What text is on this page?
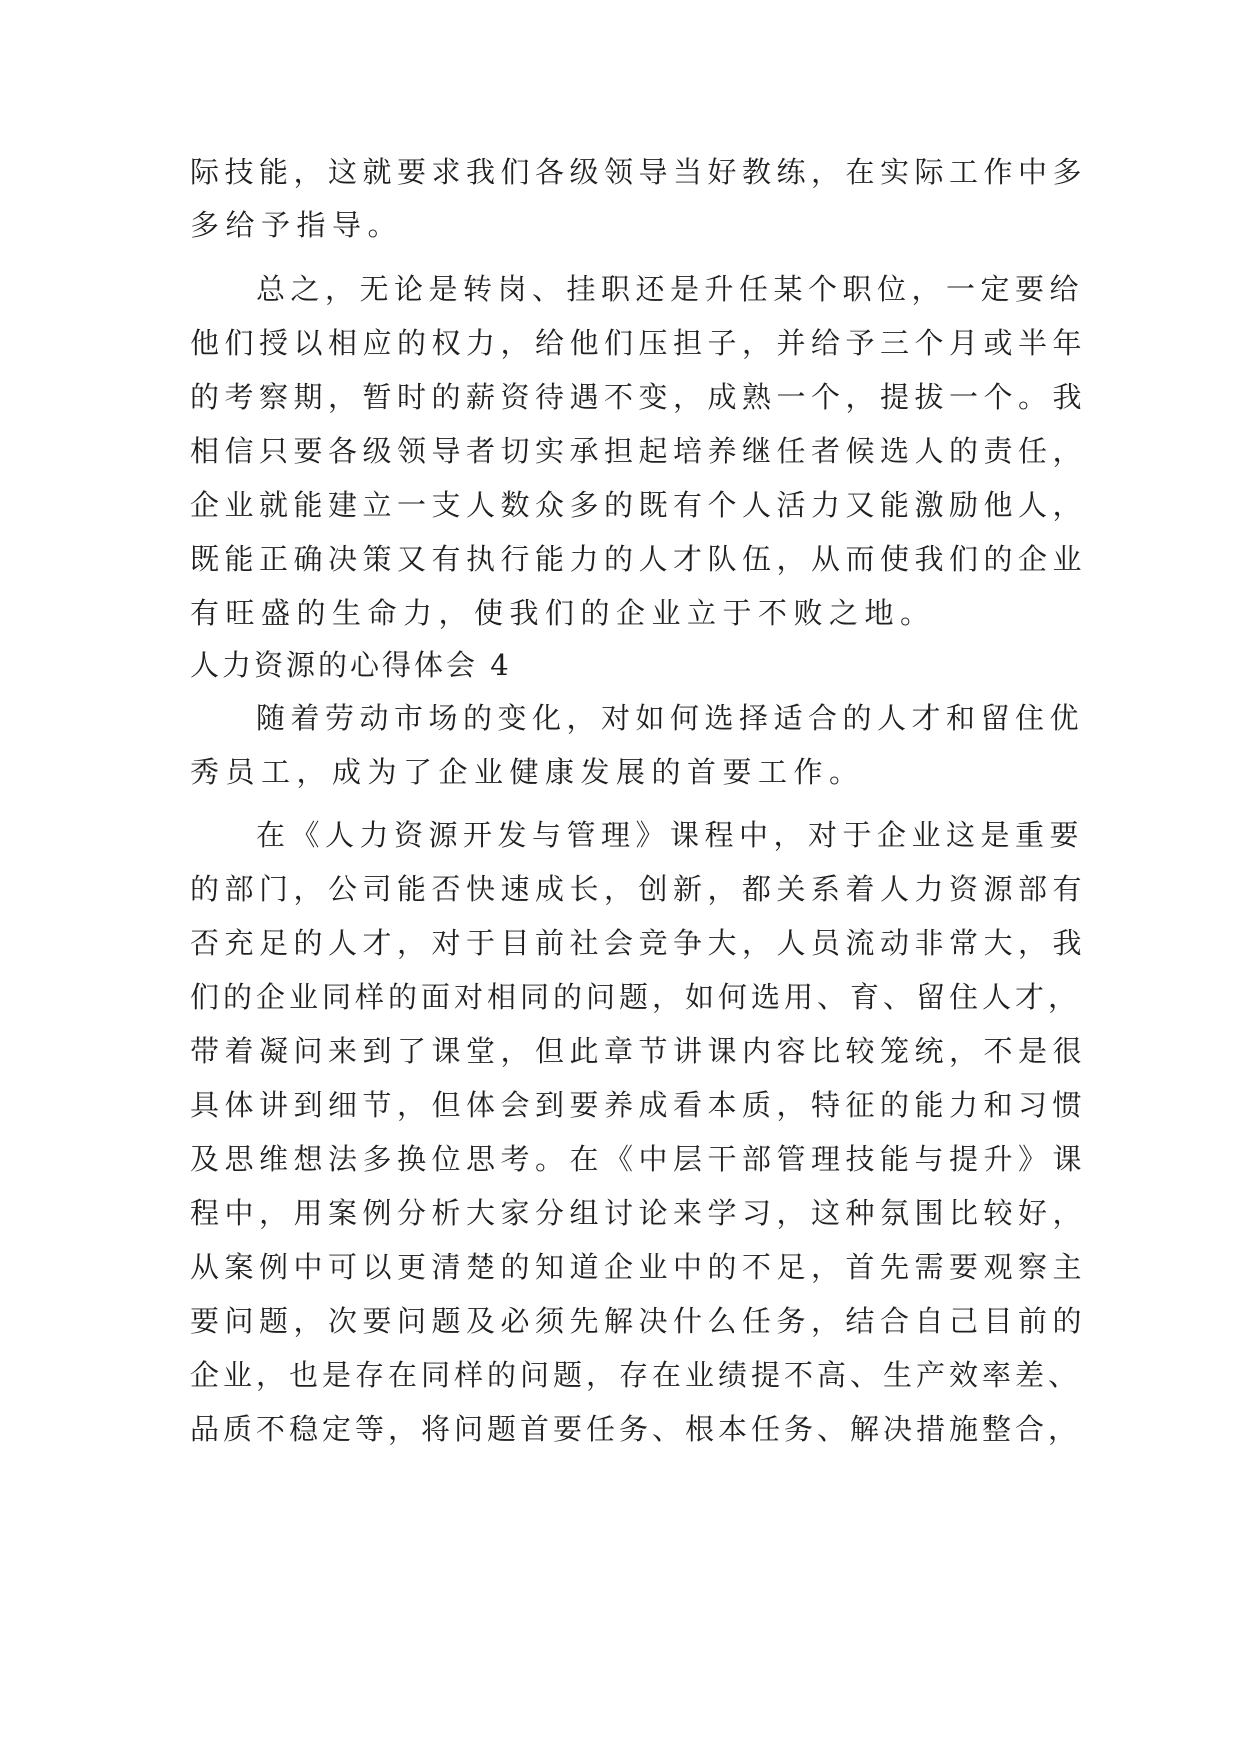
际技能，这就要求我们各级领导当好教练，在实际工作中多
多给予指导。
总之，无论是转岗、挂职还是升任某个职位，一定要给
他们授以相应的权力，给他们压担子，并给予三个月或半年
的考察期，暂时的薪资待遇不变，成熟一个，提拔一个。我
相信只要各级领导者切实承担起培养继任者候选人的责任，
企业就能建立一支人数众多的既有个人活力又能激励他人，
既能正确决策又有执行能力的人才队伍，从而使我们的企业
有旺盛的生命力，使我们的企业立于不败之地。
人力资源的心得体会 4
随着劳动市场的变化，对如何选择适合的人才和留住优
秀员工，成为了企业健康发展的首要工作。
在《人力资源开发与管理》课程中，对于企业这是重要
的部门，公司能否快速成长，创新，都关系着人力资源部有
否充足的人才，对于目前社会竞争大，人员流动非常大，我
们的企业同样的面对相同的问题，如何选用、育、留住人才，
带着凝问来到了课堂，但此章节讲课内容比较笼统，不是很
具体讲到细节，但体会到要养成看本质，特征的能力和习惯
及思维想法多换位思考。在《中层干部管理技能与提升》课
程中，用案例分析大家分组讨论来学习，这种氛围比较好，
从案例中可以更清楚的知道企业中的不足，首先需要观察主
要问题，次要问题及必须先解决什么任务，结合自己目前的
企业，也是存在同样的问题，存在业绩提不高、生产效率差、
品质不稳定等，将问题首要任务、根本任务、解决措施整合，
